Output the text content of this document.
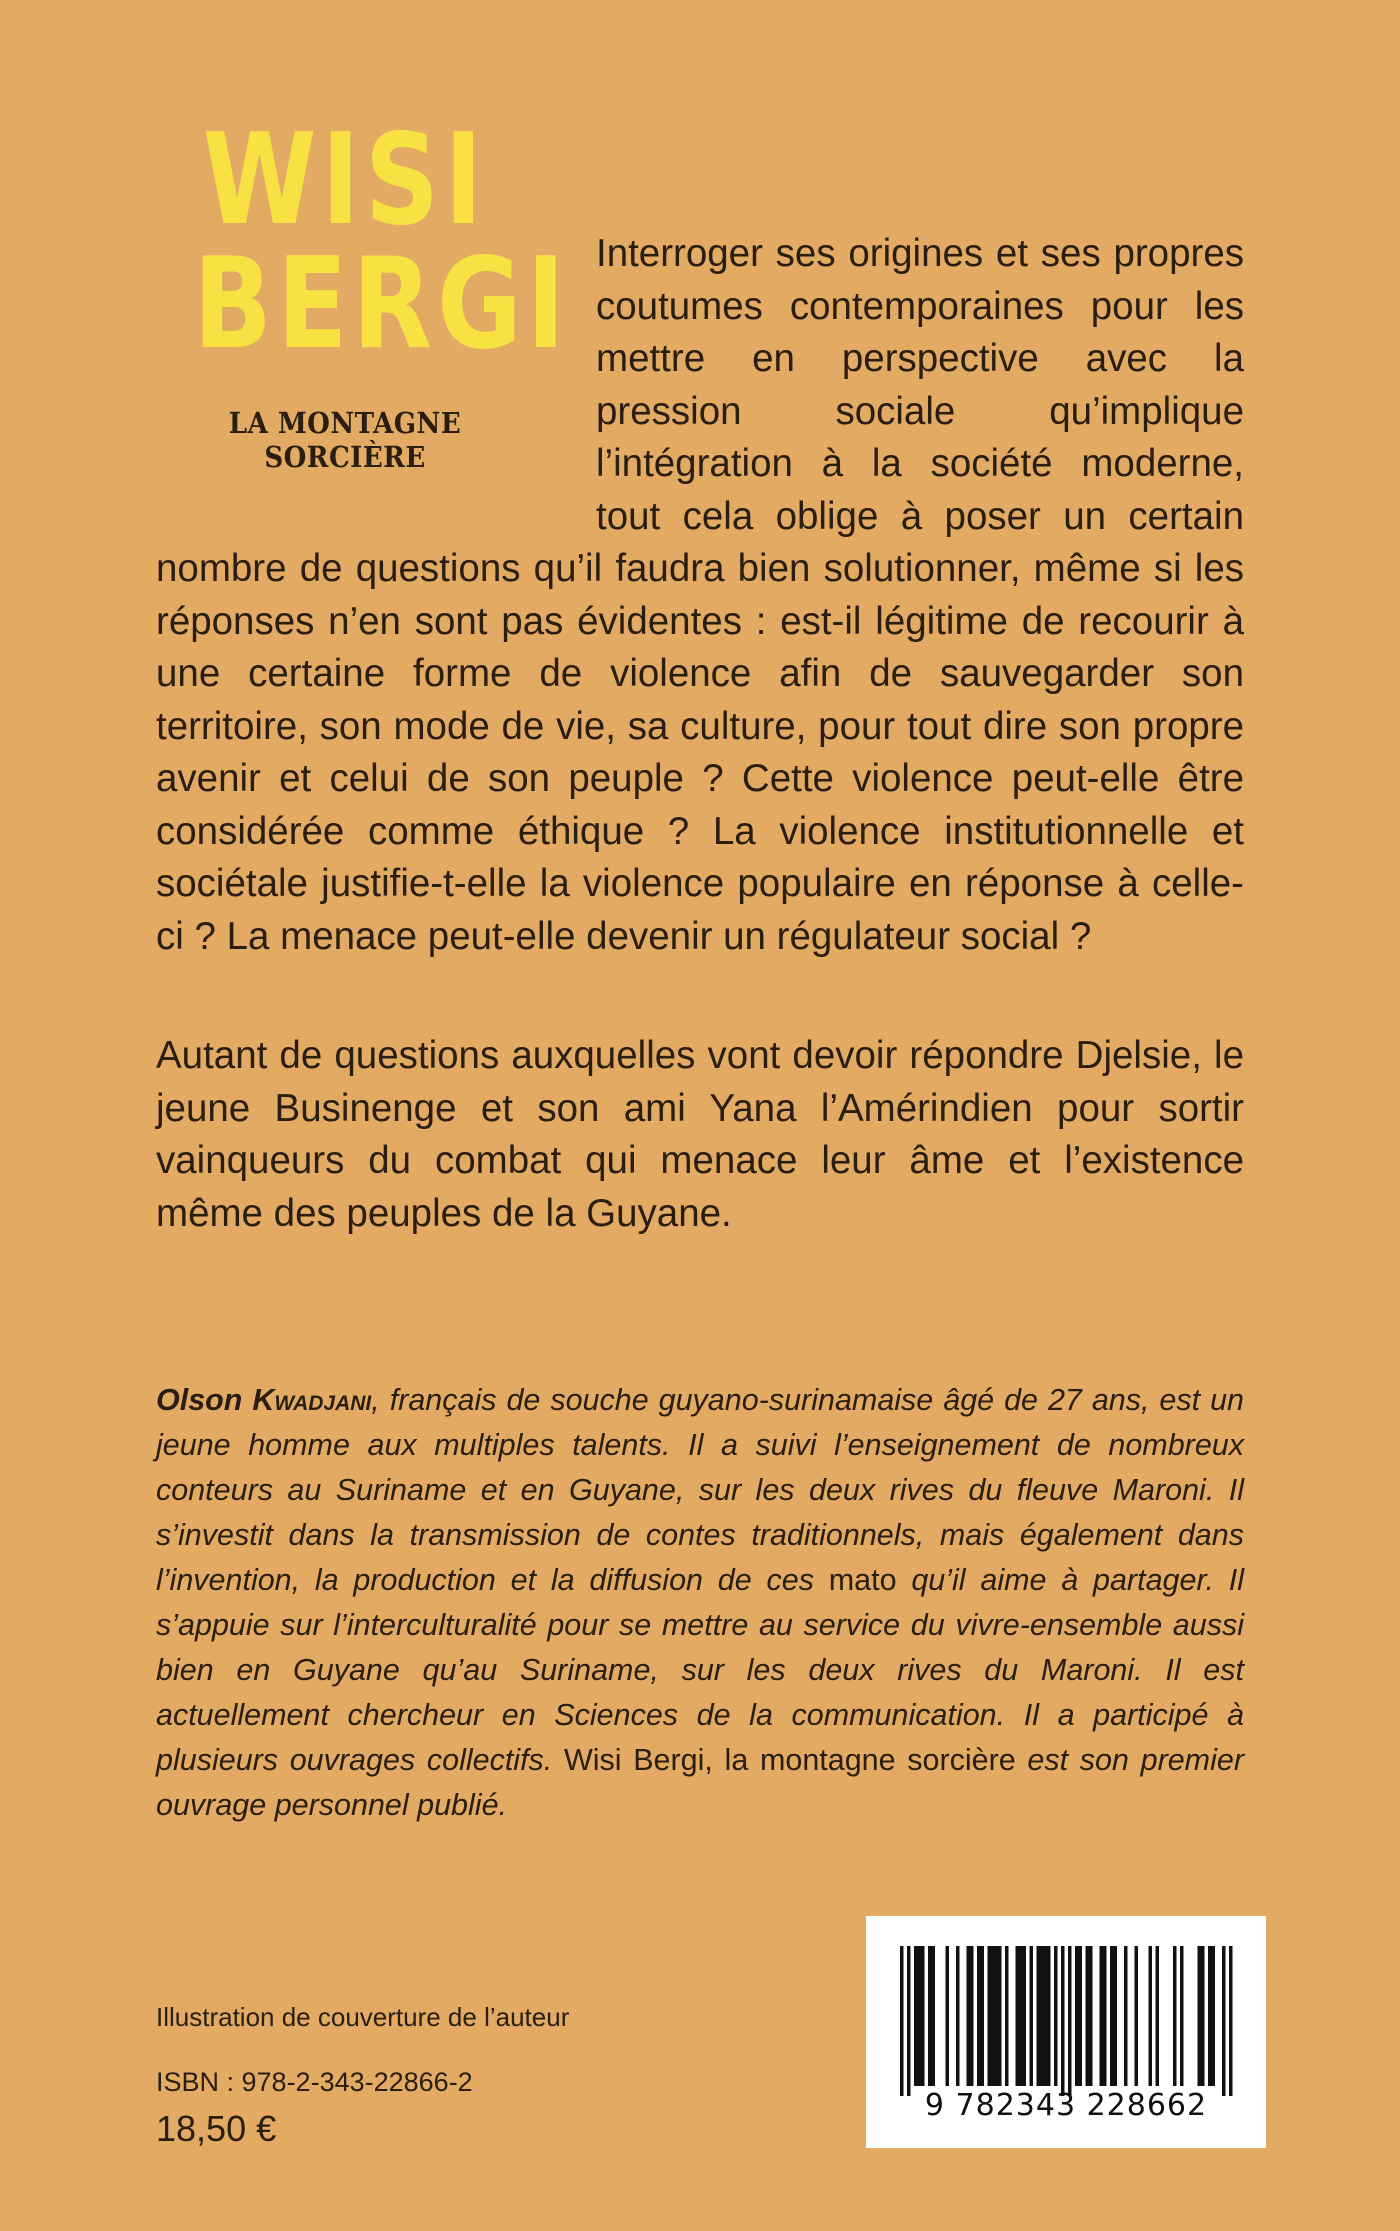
WISI
BERGI
LA MONTAGNE SORCIÈRE

Interroger ses origines et ses propres coutumes contemporaines pour les mettre en perspective avec la pression sociale qu’implique l’intégration à la société moderne, tout cela oblige à poser un certain nombre de questions qu’il faudra bien solutionner, même si les réponses n’en sont pas évidentes : est-il légitime de recourir à une certaine forme de violence afin de sauvegarder son territoire, son mode de vie, sa culture, pour tout dire son propre avenir et celui de son peuple ? Cette violence peut-elle être considérée comme éthique ? La violence institutionnelle et sociétale justifie-t-elle la violence populaire en réponse à celle-ci ? La menace peut-elle devenir un régulateur social ?

Autant de questions auxquelles vont devoir répondre Djelsie, le jeune Businenge et son ami Yana l’Amérindien pour sortir vainqueurs du combat qui menace leur âme et l’existence même des peuples de la Guyane.

Olson Kwadjani, français de souche guyano-surinamaise âgé de 27 ans, est un jeune homme aux multiples talents. Il a suivi l’enseignement de nombreux conteurs au Suriname et en Guyane, sur les deux rives du fleuve Maroni. Il s’investit dans la transmission de contes traditionnels, mais également dans l’invention, la production et la diffusion de ces mato qu’il aime à partager. Il s’appuie sur l’interculturalité pour se mettre au service du vivre-ensemble aussi bien en Guyane qu’au Suriname, sur les deux rives du Maroni. Il est actuellement chercheur en Sciences de la communication. Il a participé à plusieurs ouvrages collectifs. Wisi Bergi, la montagne sorcière est son premier ouvrage personnel publié.

Illustration de couverture de l’auteur

ISBN : 978-2-343-22866-2

18,50 €

9 782343 228662
